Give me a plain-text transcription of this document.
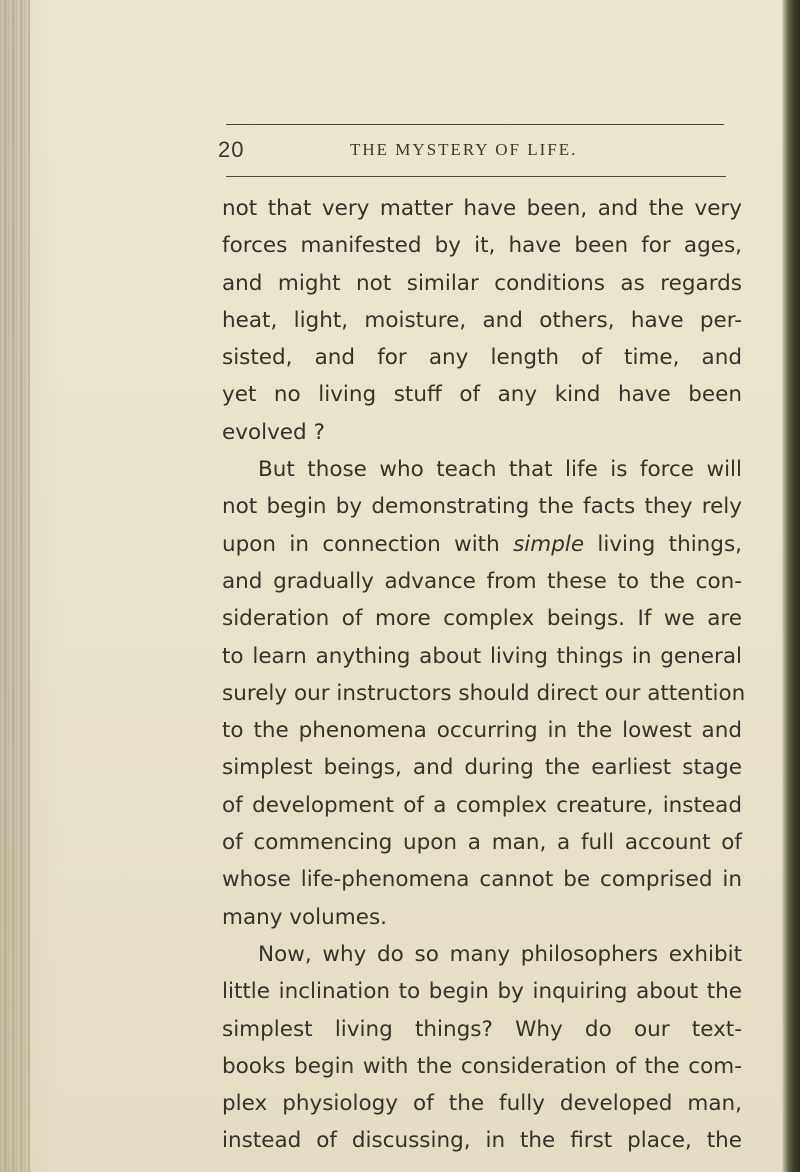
20	THE MYSTERY OF LIFE.
not that very matter have been, and the very
forces manifested by it, have been for ages,
and might not similar conditions as regards
heat, light, moisture, and others, have per-
sisted, and for any length of time, and
yet no living stuff of any kind have been
evolved ?
But those who teach that life is force will
not begin by demonstrating the facts they rely
upon in connection with simple living things,
and gradually advance from these to the con-
sideration of more complex beings. If we are
to learn anything about living things in general
surely our instructors should direct our attention
to the phenomena occurring in the lowest and
simplest beings, and during the earliest stage
of development of a complex creature, instead
of commencing upon a man, a full account of
whose life-phenomena cannot be comprised in
many volumes.
Now, why do so many philosophers exhibit
little inclination to begin by inquiring about the
simplest living things? Why do our text-
books begin with the consideration of the com-
plex physiology of the fully developed man,
instead of discussing, in the first place, the
